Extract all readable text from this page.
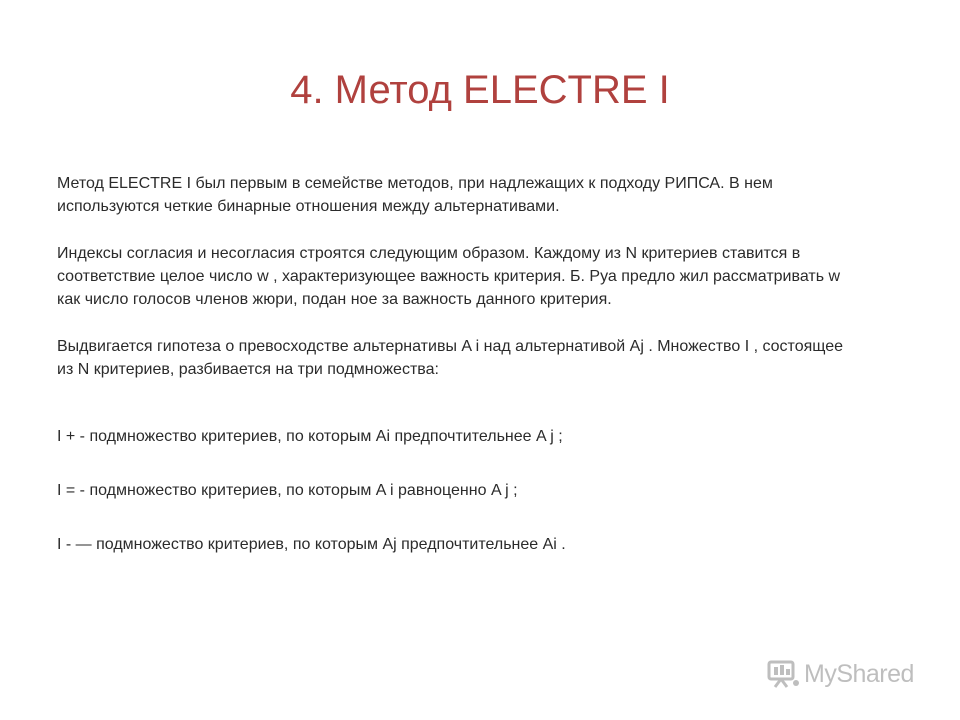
4. Метод ELECTRE I

Метод ELECTRE I был первым в семействе методов, при надлежащих к подходу РИПСА. В нем
используются четкие бинарные отношения между альтернативами.

Индексы согласия и несогласия строятся следующим образом. Каждому из N критериев ставится в
соответствие целое число w , характеризующее важность критерия. Б. Руа предло жил рассматривать w
как число голосов членов жюри, подан ное за важность данного критерия.

Выдвигается гипотеза о превосходстве альтернативы A i над альтернативой Aj . Множество I , состоящее
из N критериев, разбивается на три подмножества:

I + - подмножество критериев, по которым Ai предпочтительнее A j ;

I = - подмножество критериев, по которым A i равноценно A j ;

I - — подмножество критериев, по которым Aj предпочтительнее Ai .

MyShared
